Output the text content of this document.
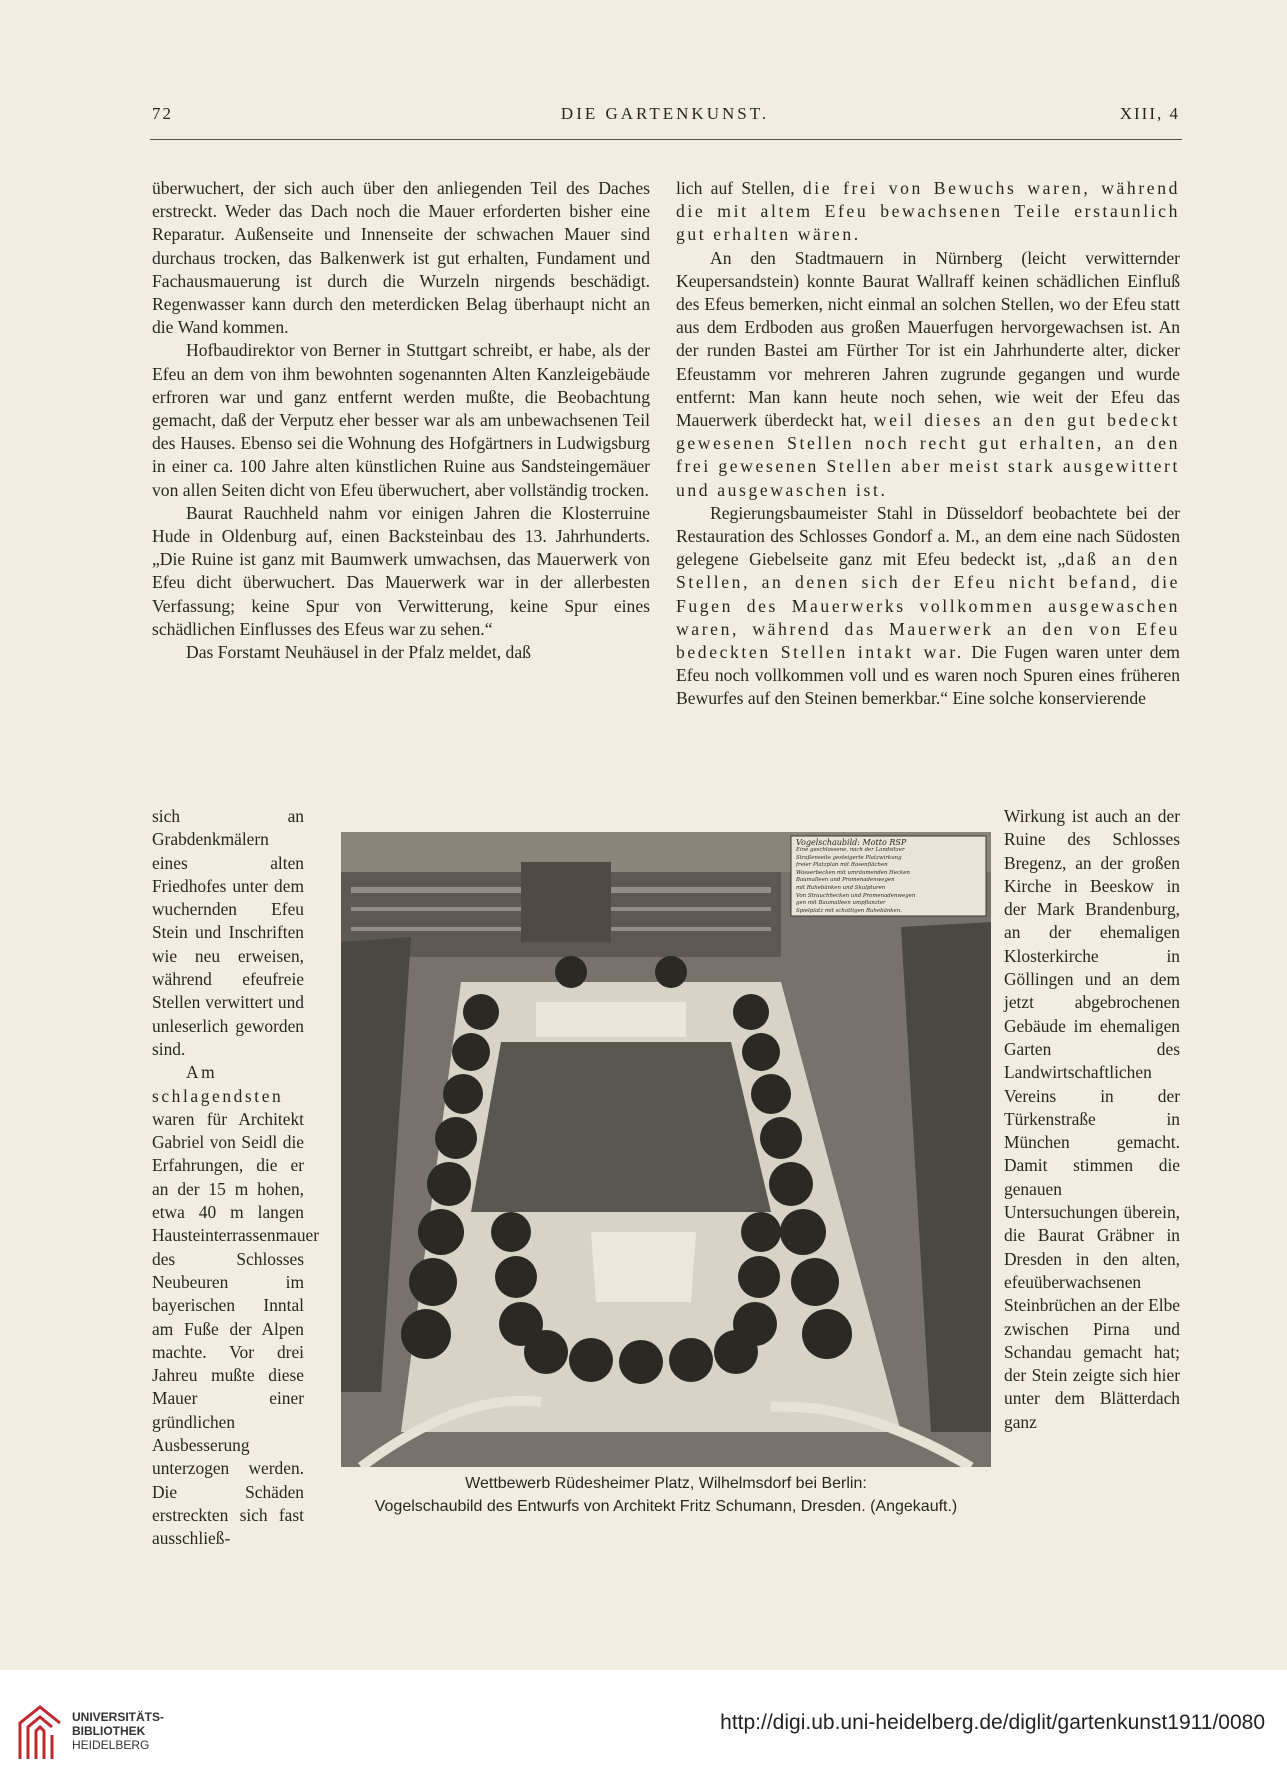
72	DIE GARTENKUNST.	XIII, 4

überwuchert, der sich auch über den anliegenden Teil des Daches erstreckt. Weder das Dach noch die Mauer erforderten bisher eine Reparatur. Außenseite und Innenseite der schwachen Mauer sind durchaus trocken, das Balkenwerk ist gut erhalten, Fundament und Fachausmauerung ist durch die Wurzeln nirgends beschädigt. Regenwasser kann durch den meterdicken Belag überhaupt nicht an die Wand kommen.

Hofbaudirektor von Berner in Stuttgart schreibt, er habe, als der Efeu an dem von ihm bewohnten sogenannten Alten Kanzleigebäude erfroren war und ganz entfernt werden mußte, die Beobachtung gemacht, daß der Verputz eher besser war als am unbewachsenen Teil des Hauses. Ebenso sei die Wohnung des Hofgärtners in Ludwigsburg in einer ca. 100 Jahre alten künstlichen Ruine aus Sandsteingemäuer von allen Seiten dicht von Efeu überwuchert, aber vollständig trocken.

Baurat Rauchheld nahm vor einigen Jahren die Klosterruine Hude in Oldenburg auf, einen Backsteinbau des 13. Jahrhunderts. „Die Ruine ist ganz mit Baumwerk umwachsen, das Mauerwerk von Efeu dicht überwuchert. Das Mauerwerk war in der allerbesten Verfassung; keine Spur von Verwitterung, keine Spur eines schädlichen Einflusses des Efeus war zu sehen.“

Das Forstamt Neuhäusel in der Pfalz meldet, daß

sich an Grabdenkmälern eines alten Friedhofes unter dem wuchernden Efeu Stein und Inschriften wie neu erweisen, während efeufreie Stellen verwittert und unleserlich geworden sind.

Am schlagendsten waren für Architekt Gabriel von Seidl die Erfahrungen, die er an der 15 m hohen, etwa 40 m langen Hausteinterrassenmauer des Schlosses Neubeuren im bayerischen Inntal am Fuße der Alpen machte. Vor drei Jahreu mußte diese Mauer einer gründlichen Ausbesserung unterzogen werden. Die Schäden erstreckten sich fast ausschließ-

lich auf Stellen, die frei von Bewuchs waren, während die mit altem Efeu bewachsenen Teile erstaunlich gut erhalten wären.

An den Stadtmauern in Nürnberg (leicht verwitternder Keupersandstein) konnte Baurat Wallraff keinen schädlichen Einfluß des Efeus bemerken, nicht einmal an solchen Stellen, wo der Efeu statt aus dem Erdboden aus großen Mauerfugen hervorgewachsen ist. An der runden Bastei am Fürther Tor ist ein Jahrhunderte alter, dicker Efeustamm vor mehreren Jahren zugrunde gegangen und wurde entfernt: Man kann heute noch sehen, wie weit der Efeu das Mauerwerk überdeckt hat, weil dieses an den gut bedeckt gewesenen Stellen noch recht gut erhalten, an den frei gewesenen Stellen aber meist stark ausgewittert und ausgewaschen ist.

Regierungsbaumeister Stahl in Düsseldorf beobachtete bei der Restauration des Schlosses Gondorf a. M., an dem eine nach Südosten gelegene Giebelseite ganz mit Efeu bedeckt ist, „daß an den Stellen, an denen sich der Efeu nicht befand, die Fugen des Mauerwerks vollkommen ausgewaschen waren, während das Mauerwerk an den von Efeu bedeckten Stellen intakt war. Die Fugen waren unter dem Efeu noch vollkommen voll und es waren noch Spuren eines früheren Bewurfes auf den Steinen bemerkbar.“ Eine solche konservierende

Wirkung ist auch an der Ruine des Schlosses Bregenz, an der großen Kirche in Beeskow in der Mark Brandenburg, an der ehemaligen Klosterkirche in Göllingen und an dem jetzt abgebrochenen Gebäude im ehemaligen Garten des Landwirtschaftlichen Vereins in der Türkenstraße in München gemacht. Damit stimmen die genauen Untersuchungen überein, die Baurat Gräbner in Dresden in den alten, efeuüberwachsenen Steinbrüchen an der Elbe zwischen Pirna und Schandau gemacht hat; der Stein zeigte sich hier unter dem Blätterdach ganz

Vogelschaubild: Motto RSP
Eine geschlossene, nach der Landsitzer
Straßenseite gesteigerte Platzwirkung
freier Platzplan mit Rasenflächen
Wasserbecken mit umräumenden Hecken
Baumalleen und Promenadenwegen
mit Ruhebänken und Skulpturen
Von Strauchhecken und Promenadenwegen
gen mit Baumalleen umpflanzter
Spielplatz mit schattigen Ruhebänken.
Wettbewerb Rüdesheimer Platz, Wilhelmsdorf bei Berlin:
Vogelschaubild des Entwurfs von Architekt Fritz Schumann, Dresden. (Angekauft.)
UNIVERSITÄTS-
BIBLIOTHEK
HEIDELBERG
http://digi.ub.uni-heidelberg.de/diglit/gartenkunst1911/0080
